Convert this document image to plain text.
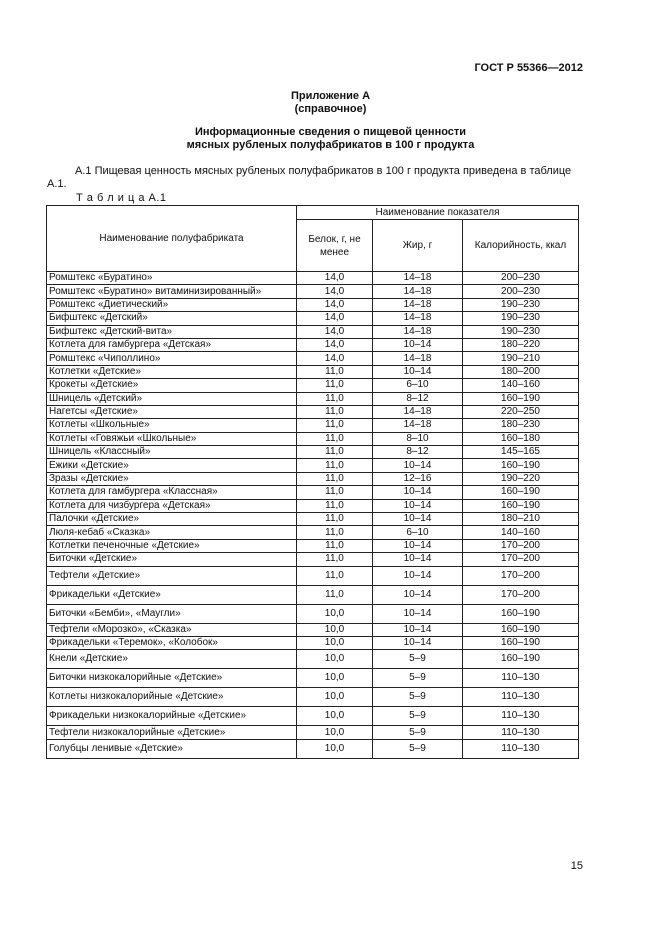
ГОСТ Р 55366—2012
Приложение А
(справочное)
Информационные сведения о пищевой ценности
мясных рубленых полуфабрикатов в 100 г продукта
А.1 Пищевая ценность мясных рубленых полуфабрикатов в 100 г продукта приведена в таблице А.1.
Т а б л и ц а А.1
Наименование полуфабриката	Наименование показателя		
	Белок, г, не менее	Жир, г	Калорийность, ккал
Ромштекс «Буратино»	14,0	14–18	200–230
Ромштекс «Буратино» витаминизированный»	14,0	14–18	200–230
Ромштекс «Диетический»	14,0	14–18	190–230
Бифштекс «Детский»	14,0	14–18	190–230
Бифштекс «Детский-вита»	14,0	14–18	190–230
Котлета для гамбургера «Детская»	14,0	10–14	180–220
Ромштекс «Чиполлино»	14,0	14–18	190–210
Котлетки «Детские»	11,0	10–14	180–200
Крокеты «Детские»	11,0	6–10	140–160
Шницель «Детский»	11,0	8–12	160–190
Нагетсы «Детские»	11,0	14–18	220–250
Котлеты «Школьные»	11,0	14–18	180–230
Котлеты «Говяжьи «Школьные»	11,0	8–10	160–180
Шницель «Классный»	11,0	8–12	145–165
Ежики «Детские»	11,0	10–14	160–190
Зразы «Детские»	11,0	12–16	190–220
Котлета для гамбургера «Классная»	11,0	10–14	160–190
Котлета для чизбургера «Детская»	11,0	10–14	160–190
Палочки «Детские»	11,0	10–14	180–210
Люля-кебаб «Сказка»	11,0	6–10	140–160
Котлетки печеночные «Детские»	11,0	10–14	170–200
Биточки «Детские»	11,0	10–14	170–200
Тефтели «Детские»	11,0	10–14	170–200
Фрикадельки «Детские»	11,0	10–14	170–200
Биточки «Бемби», «Маугли»	10,0	10–14	160–190
Тефтели «Морозко», «Сказка»	10,0	10–14	160–190
Фрикадельки «Теремок», «Колобок»	10,0	10–14	160–190
Кнели «Детские»	10,0	5–9	160–190
Биточки низкокалорийные «Детские»	10,0	5–9	110–130
Котлеты низкокалорийные «Детские»	10,0	5–9	110–130
Фрикадельки низкокалорийные «Детские»	10,0	5–9	110–130
Тефтели низкокалорийные «Детские»	10,0	5–9	110–130
Голубцы ленивые «Детские»	10,0	5–9	110–130
15
